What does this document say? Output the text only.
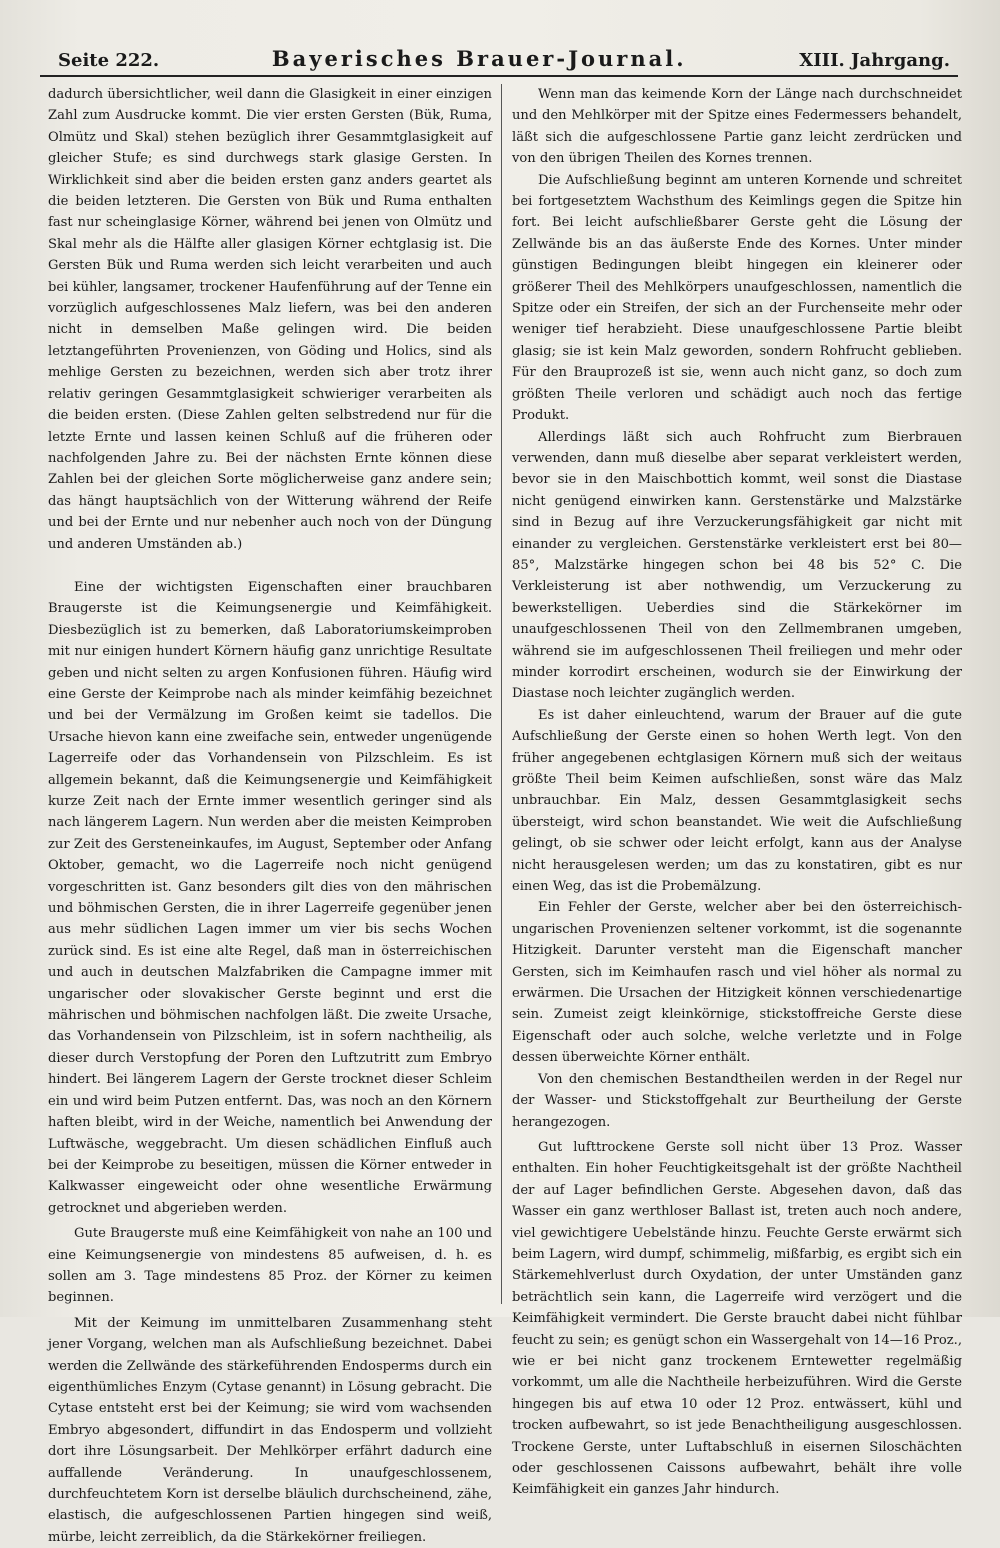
Seite 222.	Bayerisches Brauer-Journal.	XIII. Jahrgang.

dadurch übersichtlicher, weil dann die Glasigkeit in einer einzigen Zahl zum Ausdrucke kommt. Die vier ersten Gersten (Bük, Ruma, Olmütz und Skal) stehen bezüglich ihrer Gesammtglasigkeit auf gleicher Stufe; es sind durchwegs stark glasige Gersten. In Wirklichkeit sind aber die beiden ersten ganz anders geartet als die beiden letzteren. Die Gersten von Bük und Ruma enthalten fast nur scheinglasige Körner, während bei jenen von Olmütz und Skal mehr als die Hälfte aller glasigen Körner echtglasig ist. Die Gersten Bük und Ruma werden sich leicht verarbeiten und auch bei kühler, langsamer, trockener Haufenführung auf der Tenne ein vorzüglich aufgeschlossenes Malz liefern, was bei den anderen nicht in demselben Maße gelingen wird. Die beiden letztangeführten Provenienzen, von Göding und Holics, sind als mehlige Gersten zu bezeichnen, werden sich aber trotz ihrer relativ geringen Gesammtglasigkeit schwieriger verarbeiten als die beiden ersten. (Diese Zahlen gelten selbstredend nur für die letzte Ernte und lassen keinen Schluß auf die früheren oder nachfolgenden Jahre zu. Bei der nächsten Ernte können diese Zahlen bei der gleichen Sorte möglicherweise ganz andere sein; das hängt hauptsächlich von der Witterung während der Reife und bei der Ernte und nur nebenher auch noch von der Düngung und anderen Umständen ab.)

Eine der wichtigsten Eigenschaften einer brauchbaren Braugerste ist die Keimungsenergie und Keimfähigkeit. Diesbezüglich ist zu bemerken, daß Laboratoriumskeimproben mit nur einigen hundert Körnern häufig ganz unrichtige Resultate geben und nicht selten zu argen Konfusionen führen. Häufig wird eine Gerste der Keimprobe nach als minder keimfähig bezeichnet und bei der Vermälzung im Großen keimt sie tadellos. Die Ursache hievon kann eine zweifache sein, entweder ungenügende Lagerreife oder das Vorhandensein von Pilzschleim. Es ist allgemein bekannt, daß die Keimungsenergie und Keimfähigkeit kurze Zeit nach der Ernte immer wesentlich geringer sind als nach längerem Lagern. Nun werden aber die meisten Keimproben zur Zeit des Gersteneinkaufes, im August, September oder Anfang Oktober, gemacht, wo die Lagerreife noch nicht genügend vorgeschritten ist. Ganz besonders gilt dies von den mährischen und böhmischen Gersten, die in ihrer Lagerreife gegenüber jenen aus mehr südlichen Lagen immer um vier bis sechs Wochen zurück sind. Es ist eine alte Regel, daß man in österreichischen und auch in deutschen Malzfabriken die Campagne immer mit ungarischer oder slovakischer Gerste beginnt und erst die mährischen und böhmischen nachfolgen läßt. Die zweite Ursache, das Vorhandensein von Pilzschleim, ist in sofern nachtheilig, als dieser durch Verstopfung der Poren den Luftzutritt zum Embryo hindert. Bei längerem Lagern der Gerste trocknet dieser Schleim ein und wird beim Putzen entfernt. Das, was noch an den Körnern haften bleibt, wird in der Weiche, namentlich bei Anwendung der Luftwäsche, weggebracht. Um diesen schädlichen Einfluß auch bei der Keimprobe zu beseitigen, müssen die Körner entweder in Kalkwasser eingeweicht oder ohne wesentliche Erwärmung getrocknet und abgerieben werden.

Gute Braugerste muß eine Keimfähigkeit von nahe an 100 und eine Keimungsenergie von mindestens 85 aufweisen, d. h. es sollen am 3. Tage mindestens 85 Proz. der Körner zu keimen beginnen.

Mit der Keimung im unmittelbaren Zusammenhang steht jener Vorgang, welchen man als Aufschließung bezeichnet. Dabei werden die Zellwände des stärkeführenden Endosperms durch ein eigenthümliches Enzym (Cytase genannt) in Lösung gebracht. Die Cytase entsteht erst bei der Keimung; sie wird vom wachsenden Embryo abgesondert, diffundirt in das Endosperm und vollzieht dort ihre Lösungsarbeit. Der Mehlkörper erfährt dadurch eine auffallende Veränderung. In unaufgeschlossenem, durchfeuchtetem Korn ist derselbe bläulich durchscheinend, zähe, elastisch, die aufgeschlossenen Partien hingegen sind weiß, mürbe, leicht zerreiblich, da die Stärkekörner freiliegen.

Wenn man das keimende Korn der Länge nach durchschneidet und den Mehlkörper mit der Spitze eines Federmessers behandelt, läßt sich die aufgeschlossene Partie ganz leicht zerdrücken und von den übrigen Theilen des Kornes trennen.

Die Aufschließung beginnt am unteren Kornende und schreitet bei fortgesetztem Wachsthum des Keimlings gegen die Spitze hin fort. Bei leicht aufschließbarer Gerste geht die Lösung der Zellwände bis an das äußerste Ende des Kornes. Unter minder günstigen Bedingungen bleibt hingegen ein kleinerer oder größerer Theil des Mehlkörpers unaufgeschlossen, namentlich die Spitze oder ein Streifen, der sich an der Furchenseite mehr oder weniger tief herabzieht. Diese unaufgeschlossene Partie bleibt glasig; sie ist kein Malz geworden, sondern Rohfrucht geblieben. Für den Brauprozeß ist sie, wenn auch nicht ganz, so doch zum größten Theile verloren und schädigt auch noch das fertige Produkt.

Allerdings läßt sich auch Rohfrucht zum Bierbrauen verwenden, dann muß dieselbe aber separat verkleistert werden, bevor sie in den Maischbottich kommt, weil sonst die Diastase nicht genügend einwirken kann. Gerstenstärke und Malzstärke sind in Bezug auf ihre Verzuckerungsfähigkeit gar nicht mit einander zu vergleichen. Gerstenstärke verkleistert erst bei 80—85°, Malzstärke hingegen schon bei 48 bis 52° C. Die Verkleisterung ist aber nothwendig, um Verzuckerung zu bewerkstelligen. Ueberdies sind die Stärkekörner im unaufgeschlossenen Theil von den Zellmembranen umgeben, während sie im aufgeschlossenen Theil freiliegen und mehr oder minder korrodirt erscheinen, wodurch sie der Einwirkung der Diastase noch leichter zugänglich werden.

Es ist daher einleuchtend, warum der Brauer auf die gute Aufschließung der Gerste einen so hohen Werth legt. Von den früher angegebenen echtglasigen Körnern muß sich der weitaus größte Theil beim Keimen aufschließen, sonst wäre das Malz unbrauchbar. Ein Malz, dessen Gesammtglasigkeit sechs übersteigt, wird schon beanstandet. Wie weit die Aufschließung gelingt, ob sie schwer oder leicht erfolgt, kann aus der Analyse nicht herausgelesen werden; um das zu konstatiren, gibt es nur einen Weg, das ist die Probemälzung.

Ein Fehler der Gerste, welcher aber bei den österreichisch-ungarischen Provenienzen seltener vorkommt, ist die sogenannte Hitzigkeit. Darunter versteht man die Eigenschaft mancher Gersten, sich im Keimhaufen rasch und viel höher als normal zu erwärmen. Die Ursachen der Hitzigkeit können verschiedenartige sein. Zumeist zeigt kleinkörnige, stickstoffreiche Gerste diese Eigenschaft oder auch solche, welche verletzte und in Folge dessen überweichte Körner enthält.

Von den chemischen Bestandtheilen werden in der Regel nur der Wasser- und Stickstoffgehalt zur Beurtheilung der Gerste herangezogen.

Gut lufttrockene Gerste soll nicht über 13 Proz. Wasser enthalten. Ein hoher Feuchtigkeitsgehalt ist der größte Nachtheil der auf Lager befindlichen Gerste. Abgesehen davon, daß das Wasser ein ganz werthloser Ballast ist, treten auch noch andere, viel gewichtigere Uebelstände hinzu. Feuchte Gerste erwärmt sich beim Lagern, wird dumpf, schimmelig, mißfarbig, es ergibt sich ein Stärkemehlverlust durch Oxydation, der unter Umständen ganz beträchtlich sein kann, die Lagerreife wird verzögert und die Keimfähigkeit vermindert. Die Gerste braucht dabei nicht fühlbar feucht zu sein; es genügt schon ein Wassergehalt von 14—16 Proz., wie er bei nicht ganz trockenem Erntewetter regelmäßig vorkommt, um alle die Nachtheile herbeizuführen. Wird die Gerste hingegen bis auf etwa 10 oder 12 Proz. entwässert, kühl und trocken aufbewahrt, so ist jede Benachtheiligung ausgeschlossen. Trockene Gerste, unter Luftabschluß in eisernen Siloschächten oder geschlossenen Caissons aufbewahrt, behält ihre volle Keimfähigkeit ein ganzes Jahr hindurch.
